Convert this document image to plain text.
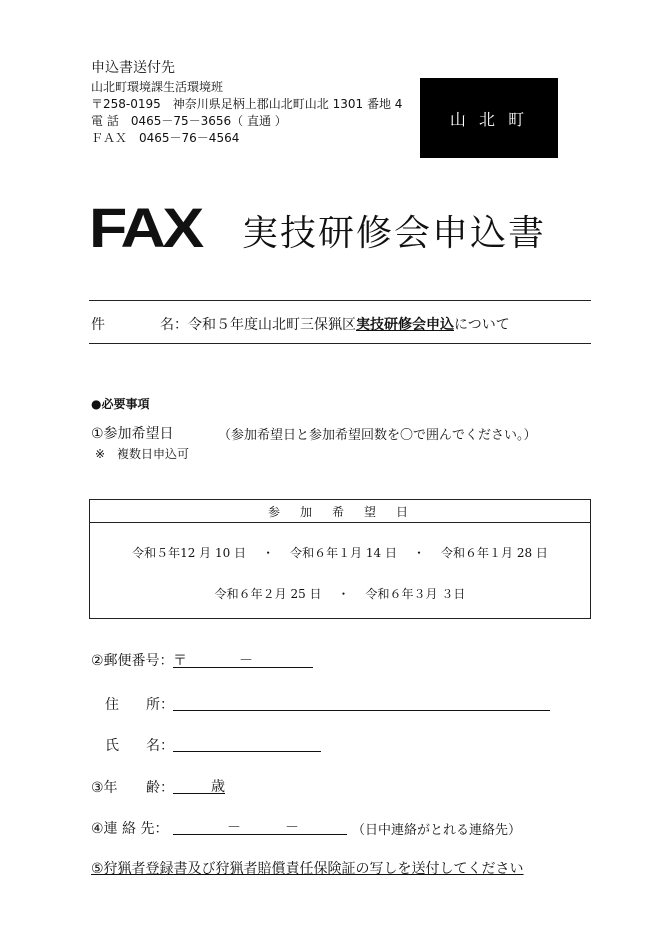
申込書送付先
山北町環境課生活環境班
〒258-0195　神奈川県足柄上郡山北町山北 1301 番地 4
電 話　0465－75－3656（ 直通 ）
ＦＡＸ　0465－76－4564
山 北 町
FAX 実技研修会申込書
件	名：令和５年度山北町三保猟区実技研修会申込について
●必要事項
①参加希望日	（参加希望日と参加希望回数を〇で囲んでください。）
※　複数日申込可
参　加　希　望　日
令和５年12 月 10 日 ・ 令和６年１月 14 日 ・ 令和６年１月 28 日
令和６年２月 25 日 ・ 令和６年３月 ３日
②郵便番号： 〒	－
住 所：
氏 名：
③年 齢：	歳
④連 絡 先：	－	－	（日中連絡がとれる連絡先）
⑤狩猟者登録書及び狩猟者賠償責任保険証の写しを送付してください
